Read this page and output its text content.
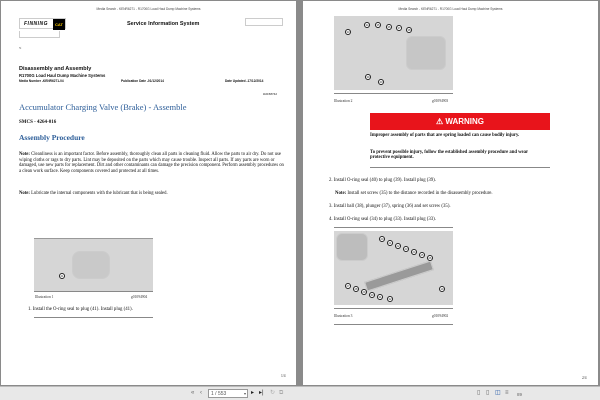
Media Search - KENR6271 - R1700G Load Haul Dump Machine Systems
FINNING	CAT	Service Information System
<
Disassembly and Assembly
R1700G Load Haul Dump Machine Systems
Media Number -KENR6271-04	Publication Date -01/12/2014	Date Updated -17/12/2014
i02158742
Accumulator Charging Valve (Brake) - Assemble
SMCS - 4264-016
Assembly Procedure
Note: Cleanliness is an important factor. Before assembly, thoroughly clean all parts in cleaning fluid. Allow the parts to air dry. Do not use wiping cloths or rags to dry parts. Lint may be deposited on the parts which may cause trouble. Inspect all parts. If any parts are worn or damaged, use new parts for replacement. Dirt and other contaminants can damage the precision component. Perform assembly procedures on a clean work surface. Keep components covered and protected at all times.
Note: Lubricate the internal components with the lubricant that is being sealed.
41
Illustration 1	g01094904
1. Install the O-ring seal to plug (41). Install plug (41).
1/4
Media Search - KENR6271 - R1700G Load Haul Dump Machine Systems
33
34	35
36	37
38
39
40
Illustration 2	g01094903
⚠ WARNING
Improper assembly of parts that are spring loaded can cause bodily injury.
To prevent possible injury, follow the established assembly procedure and wear protective equipment.
2. Install O-ring seal (40) to plug (39). Install plug (39).
Note: Install set screw (35) to the distance recorded in the disassembly procedure.
3. Install ball (38), plunger (37), spring (36) and set screw (35).
4. Install O-ring seal (34) to plug (33). Install plug (33).
20
21
22
23
24
25
26
27
28
29
30
31
32
19
Illustration 3	g01094902
2/4
« ‹	1 / 553	▾ ▸ ▸| ↻ ⧉	▯ ▯ ◫ ≡ 89
